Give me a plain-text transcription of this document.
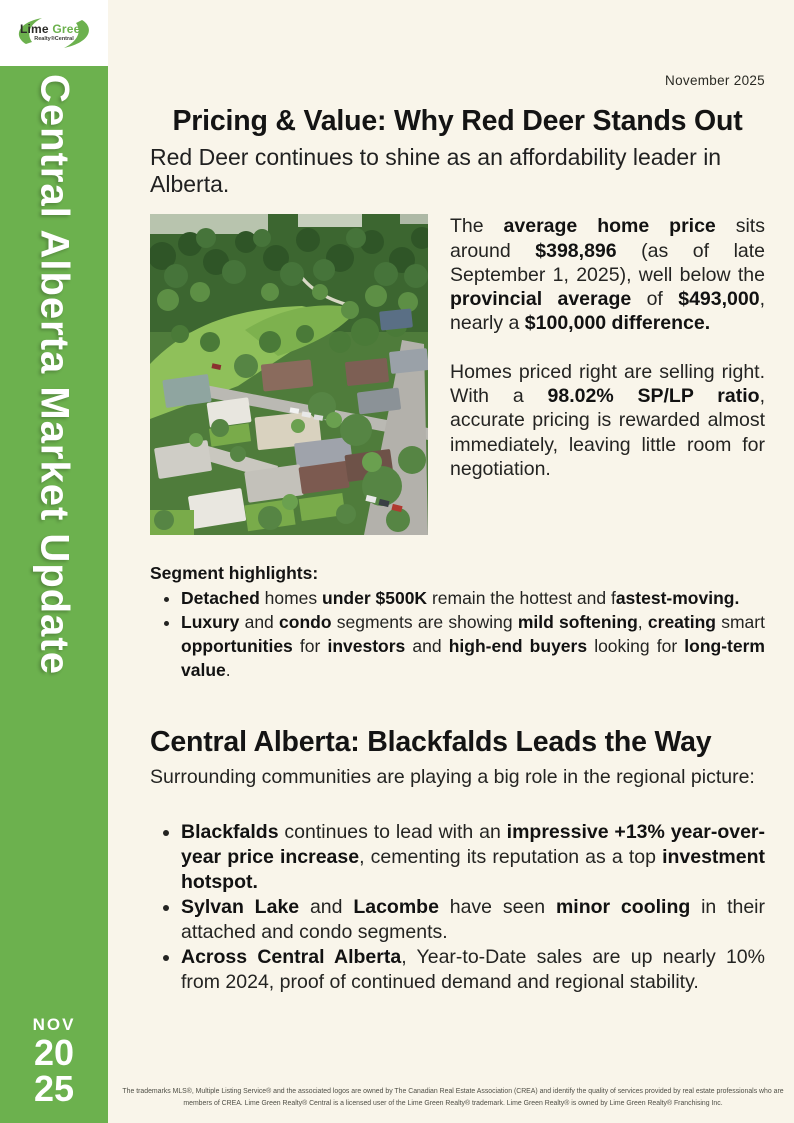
Lime Green
Realty®Central
Central Alberta Market Update
NOV
20
25
November 2025
Pricing & Value: Why Red Deer Stands Out
Red Deer continues to shine as an affordability leader in Alberta.

The average home price sits around $398,896 (as of late September 1, 2025), well below the provincial average of $493,000, nearly a $100,000 difference.

Homes priced right are selling right. With a 98.02% SP/LP ratio, accurate pricing is rewarded almost immediately, leaving little room for negotiation.

Segment highlights:
• Detached homes under $500K remain the hottest and fastest-moving.
• Luxury and condo segments are showing mild softening, creating smart opportunities for investors and high-end buyers looking for long-term value.
Central Alberta: Blackfalds Leads the Way
Surrounding communities are playing a big role in the regional picture:
• Blackfalds continues to lead with an impressive +13% year-over-year price increase, cementing its reputation as a top investment hotspot.
• Sylvan Lake and Lacombe have seen minor cooling in their attached and condo segments.
• Across Central Alberta, Year-to-Date sales are up nearly 10% from 2024, proof of continued demand and regional stability.
The trademarks MLS®, Multiple Listing Service® and the associated logos are owned by The Canadian Real Estate Association (CREA) and identify the quality of services provided by real estate professionals who are members of CREA. Lime Green Realty® Central is a licensed user of the Lime Green Realty® trademark. Lime Green Realty® is owned by Lime Green Realty® Franchising Inc.
